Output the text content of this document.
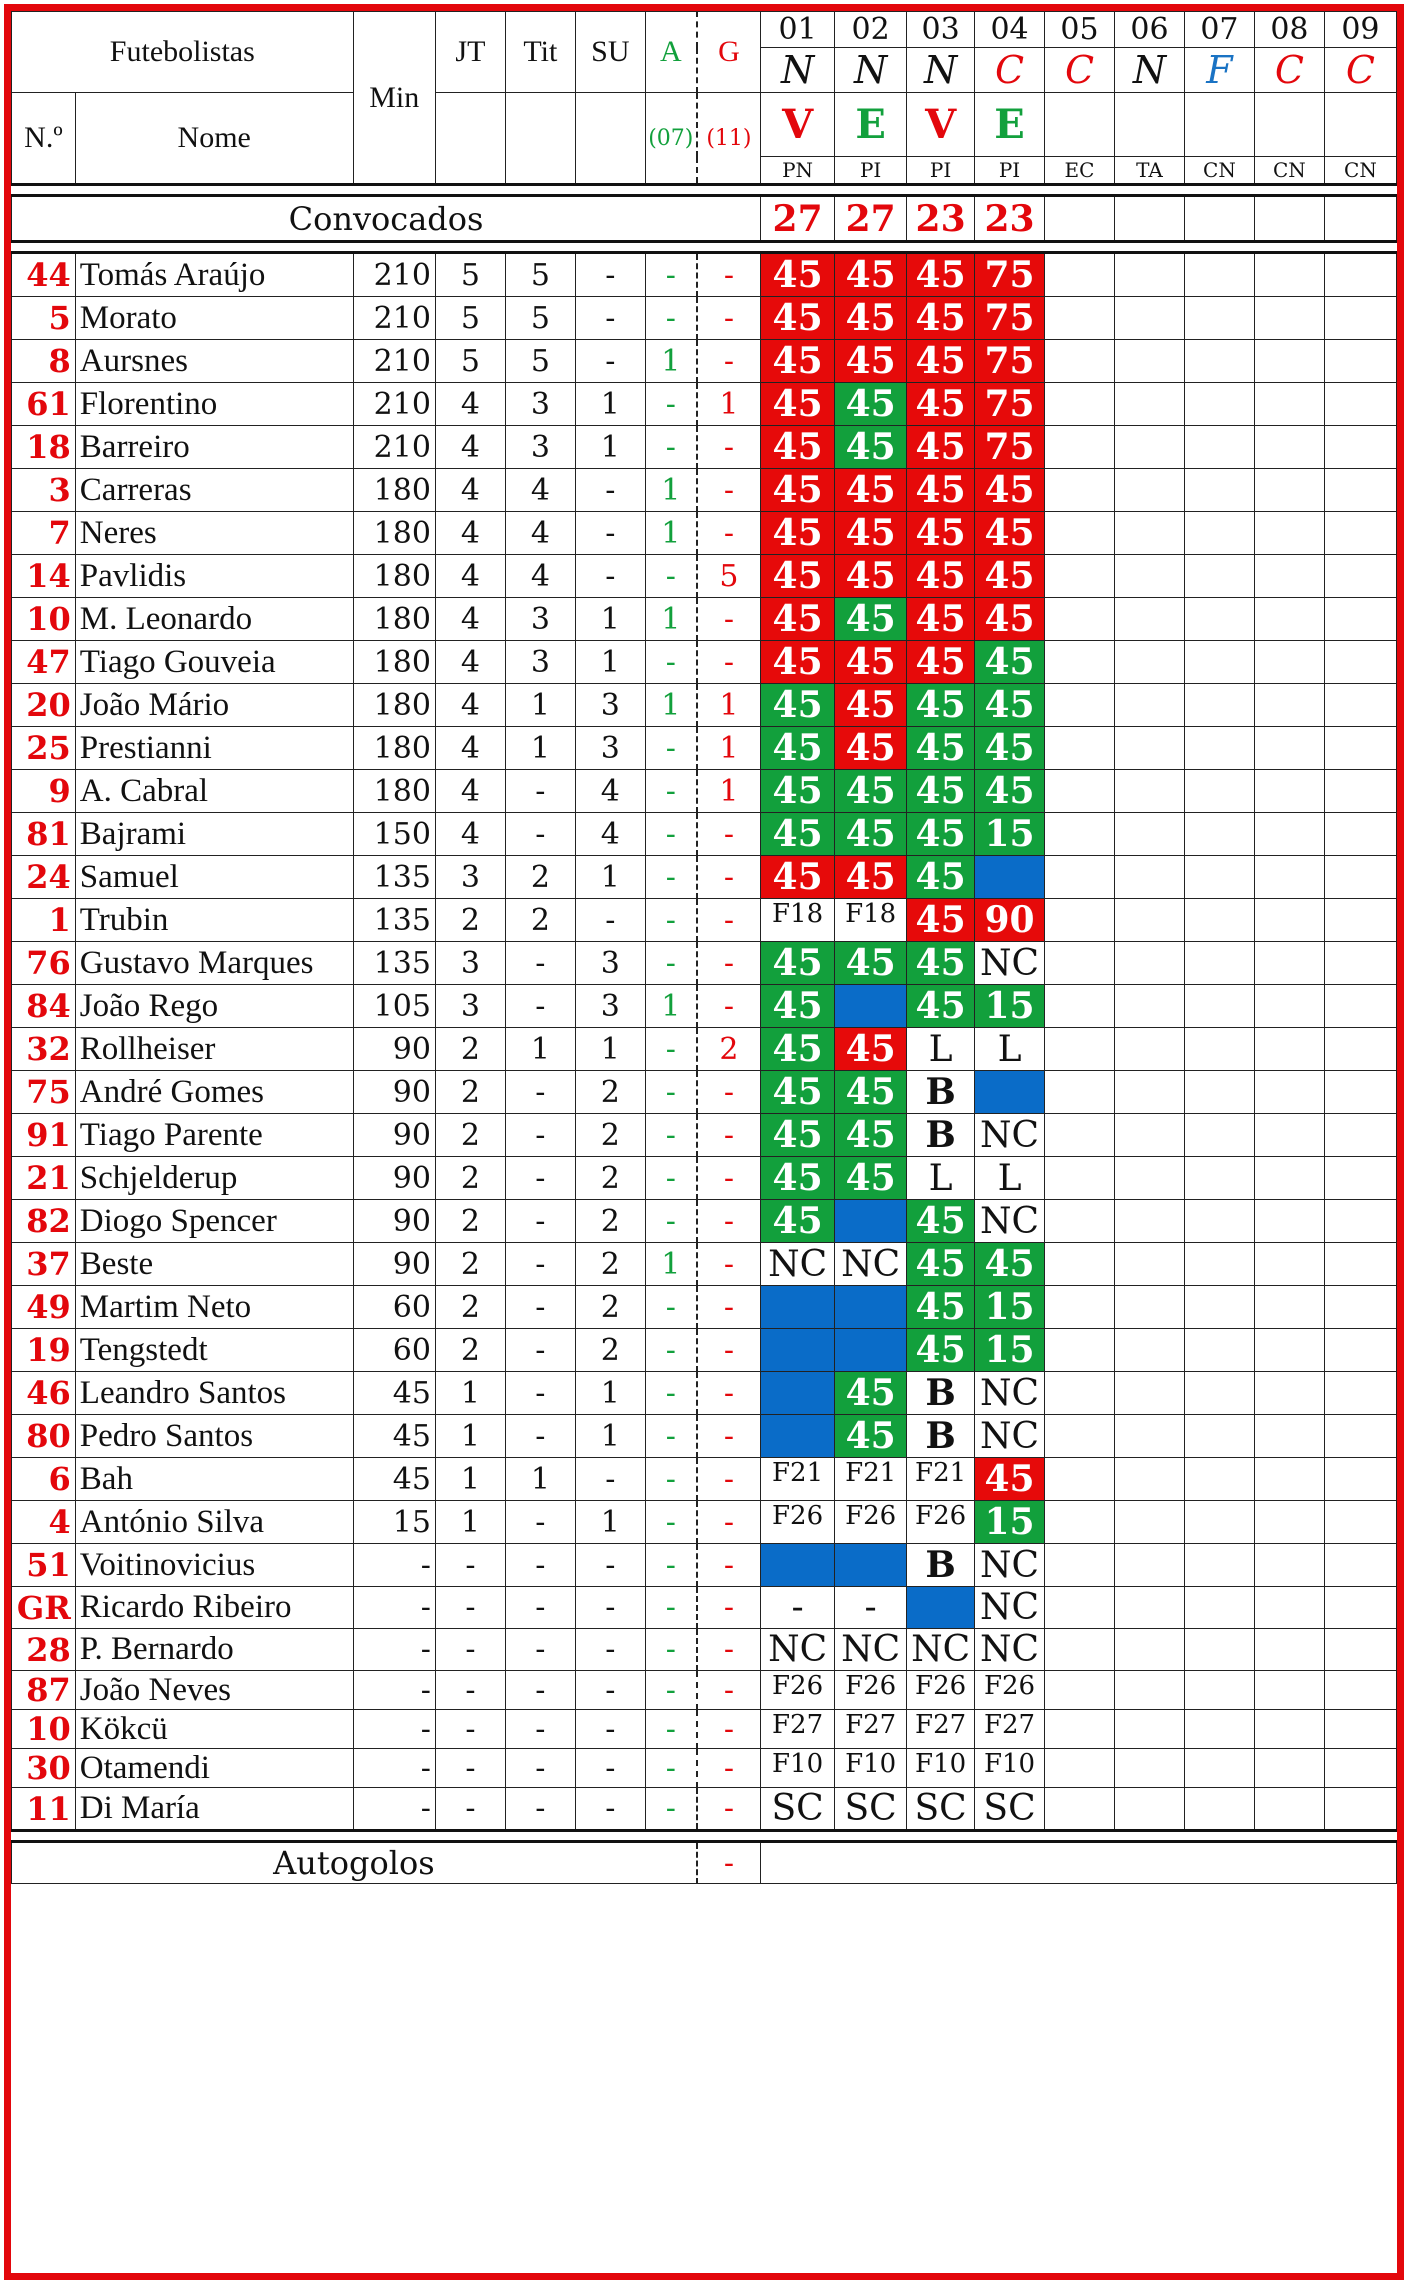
Futebolistas		Min	JT	Tit	SU	A	G	01	02	03	04	05	06	07	08	09
								N	N	N	C	C	N	F	C	C
N.º	Nome					(07)	(11)	V	E	V	E					
								PN	PI	PI	PI	EC	TA	CN	CN	CN

Convocados								27	27	23	23					

44	Tomás Araújo	210	5	5	-	-	-	45	45	45	75					
5	Morato	210	5	5	-	-	-	45	45	45	75					
8	Aursnes	210	5	5	-	1	-	45	45	45	75					
61	Florentino	210	4	3	1	-	1	45	45	45	75					
18	Barreiro	210	4	3	1	-	-	45	45	45	75					
3	Carreras	180	4	4	-	1	-	45	45	45	45					
7	Neres	180	4	4	-	1	-	45	45	45	45					
14	Pavlidis	180	4	4	-	-	5	45	45	45	45					
10	M. Leonardo	180	4	3	1	1	-	45	45	45	45					
47	Tiago Gouveia	180	4	3	1	-	-	45	45	45	45					
20	João Mário	180	4	1	3	1	1	45	45	45	45					
25	Prestianni	180	4	1	3	-	1	45	45	45	45					
9	A. Cabral	180	4	-	4	-	1	45	45	45	45					
81	Bajrami	150	4	-	4	-	-	45	45	45	15					
24	Samuel	135	3	2	1	-	-	45	45	45						
1	Trubin	135	2	2	-	-	-	F18	F18	45	90					
76	Gustavo Marques	135	3	-	3	-	-	45	45	45	NC					
84	João Rego	105	3	-	3	1	-	45		45	15					
32	Rollheiser	90	2	1	1	-	2	45	45	L	L					
75	André Gomes	90	2	-	2	-	-	45	45	B						
91	Tiago Parente	90	2	-	2	-	-	45	45	B	NC					
21	Schjelderup	90	2	-	2	-	-	45	45	L	L					
82	Diogo Spencer	90	2	-	2	-	-	45		45	NC					
37	Beste	90	2	-	2	1	-	NC	NC	45	45					
49	Martim Neto	60	2	-	2	-	-			45	15					
19	Tengstedt	60	2	-	2	-	-			45	15					
46	Leandro Santos	45	1	-	1	-	-		45	B	NC					
80	Pedro Santos	45	1	-	1	-	-		45	B	NC					
6	Bah	45	1	1	-	-	-	F21	F21	F21	45					
4	António Silva	15	1	-	1	-	-	F26	F26	F26	15					
51	Voitinovicius	-	-	-	-	-	-			B	NC					
GR	Ricardo Ribeiro	-	-	-	-	-	-	-	-		NC					
28	P. Bernardo	-	-	-	-	-	-	NC	NC	NC	NC					
87	João Neves	-	-	-	-	-	-	F26	F26	F26	F26					
10	Kökcü	-	-	-	-	-	-	F27	F27	F27	F27					
30	Otamendi	-	-	-	-	-	-	F10	F10	F10	F10					
11	Di María	-	-	-	-	-	-	SC	SC	SC	SC					

Autogolos							-									
